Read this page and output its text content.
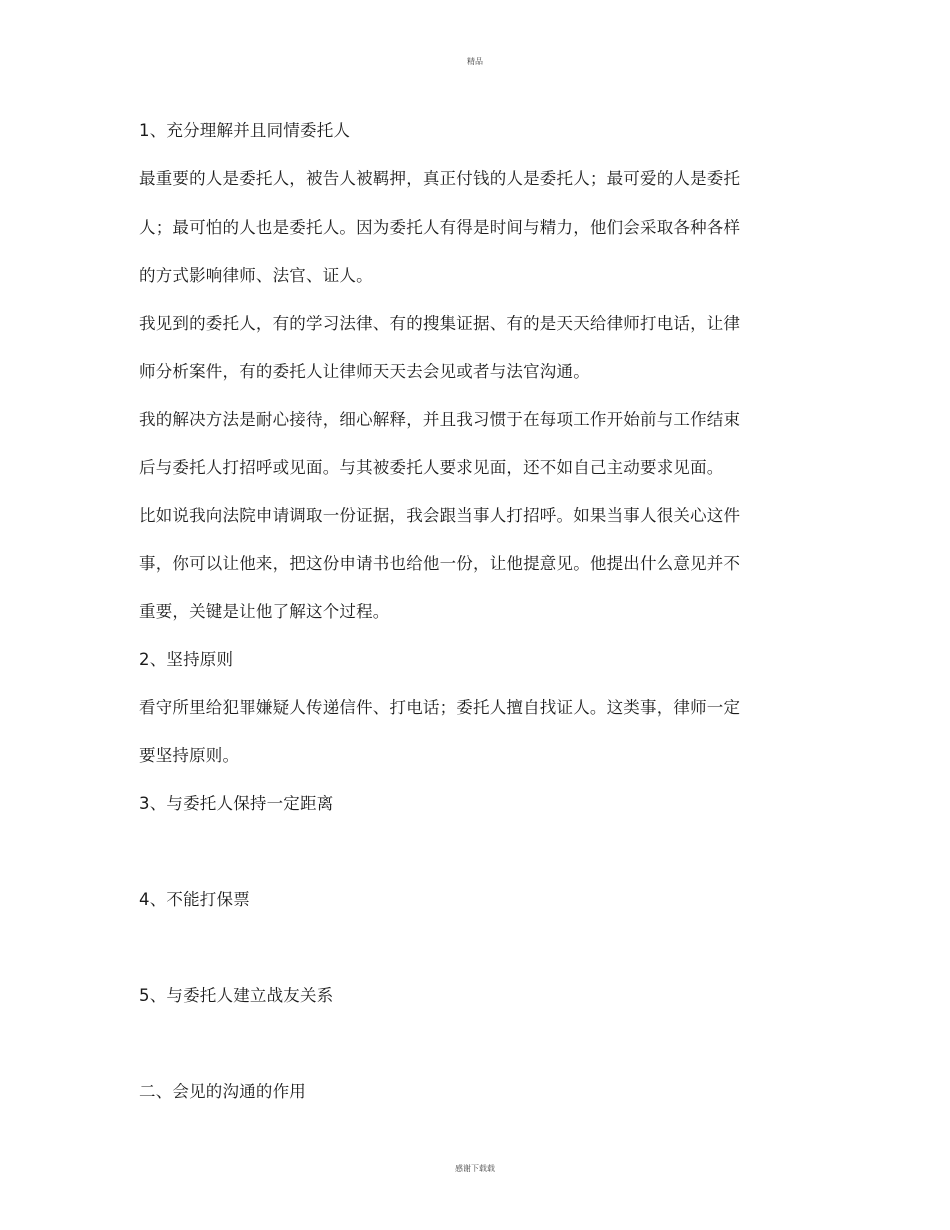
精品
1、充分理解并且同情委托人
最重要的人是委托人，被告人被羁押，真正付钱的人是委托人；最可爱的人是委托
人；最可怕的人也是委托人。因为委托人有得是时间与精力，他们会采取各种各样
的方式影响律师、法官、证人。
我见到的委托人，有的学习法律、有的搜集证据、有的是天天给律师打电话，让律
师分析案件，有的委托人让律师天天去会见或者与法官沟通。
我的解决方法是耐心接待，细心解释，并且我习惯于在每项工作开始前与工作结束
后与委托人打招呼或见面。与其被委托人要求见面，还不如自己主动要求见面。
比如说我向法院申请调取一份证据，我会跟当事人打招呼。如果当事人很关心这件
事，你可以让他来，把这份申请书也给他一份，让他提意见。他提出什么意见并不
重要，关键是让他了解这个过程。
2、坚持原则
看守所里给犯罪嫌疑人传递信件、打电话；委托人擅自找证人。这类事，律师一定
要坚持原则。
3、与委托人保持一定距离
4、不能打保票
5、与委托人建立战友关系
二、会见的沟通的作用
感谢下载载
